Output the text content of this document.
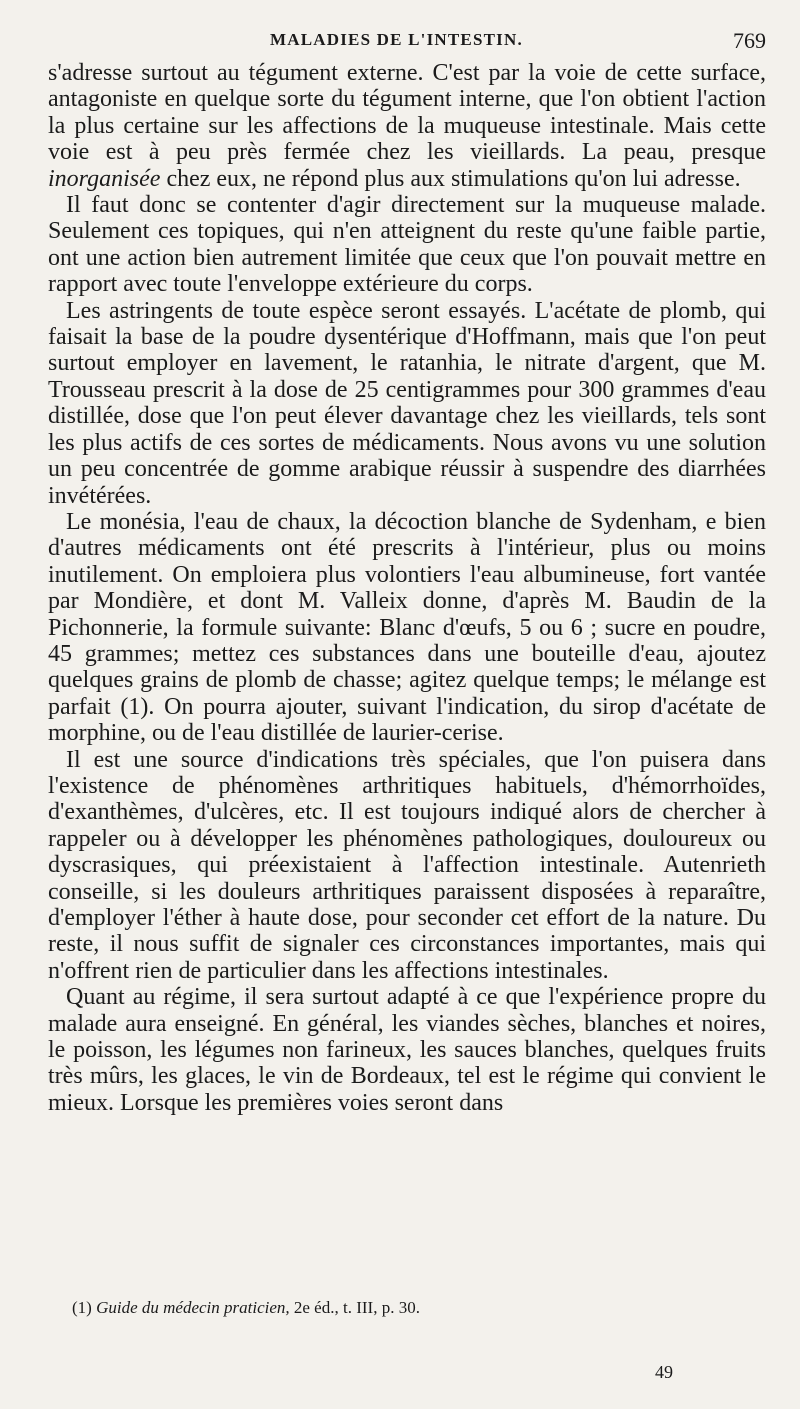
MALADIES DE L'INTESTIN.	769

s'adresse surtout au tégument externe. C'est par la voie de cette surface, antagoniste en quelque sorte du tégument interne, que l'on obtient l'action la plus certaine sur les affections de la muqueuse intestinale. Mais cette voie est à peu près fermée chez les vieillards. La peau, presque inorganisée chez eux, ne répond plus aux stimulations qu'on lui adresse.

Il faut donc se contenter d'agir directement sur la muqueuse malade. Seulement ces topiques, qui n'en atteignent du reste qu'une faible partie, ont une action bien autrement limitée que ceux que l'on pouvait mettre en rapport avec toute l'enveloppe extérieure du corps.

Les astringents de toute espèce seront essayés. L'acétate de plomb, qui faisait la base de la poudre dysentérique d'Hoffmann, mais que l'on peut surtout employer en lavement, le ratanhia, le nitrate d'argent, que M. Trousseau prescrit à la dose de 25 centigrammes pour 300 grammes d'eau distillée, dose que l'on peut élever davantage chez les vieillards, tels sont les plus actifs de ces sortes de médicaments. Nous avons vu une solution un peu concentrée de gomme arabique réussir à suspendre des diarrhées invétérées.

Le monésia, l'eau de chaux, la décoction blanche de Sydenham, e bien d'autres médicaments ont été prescrits à l'intérieur, plus ou moins inutilement. On emploiera plus volontiers l'eau albumineuse, fort vantée par Mondière, et dont M. Valleix donne, d'après M. Baudin de la Pichonnerie, la formule suivante: Blanc d'œufs, 5 ou 6 ; sucre en poudre, 45 grammes; mettez ces substances dans une bouteille d'eau, ajoutez quelques grains de plomb de chasse; agitez quelque temps; le mélange est parfait (1). On pourra ajouter, suivant l'indication, du sirop d'acétate de morphine, ou de l'eau distillée de laurier-cerise.

Il est une source d'indications très spéciales, que l'on puisera dans l'existence de phénomènes arthritiques habituels, d'hémorrhoïdes, d'exanthèmes, d'ulcères, etc. Il est toujours indiqué alors de chercher à rappeler ou à développer les phénomènes pathologiques, douloureux ou dyscrasiques, qui préexistaient à l'affection intestinale. Autenrieth conseille, si les douleurs arthritiques paraissent disposées à reparaître, d'employer l'éther à haute dose, pour seconder cet effort de la nature. Du reste, il nous suffit de signaler ces circonstances importantes, mais qui n'offrent rien de particulier dans les affections intestinales.

Quant au régime, il sera surtout adapté à ce que l'expérience propre du malade aura enseigné. En général, les viandes sèches, blanches et noires, le poisson, les légumes non farineux, les sauces blanches, quelques fruits très mûrs, les glaces, le vin de Bordeaux, tel est le régime qui convient le mieux. Lorsque les premières voies seront dans

(1) Guide du médecin praticien, 2e éd., t. III, p. 30.
49
